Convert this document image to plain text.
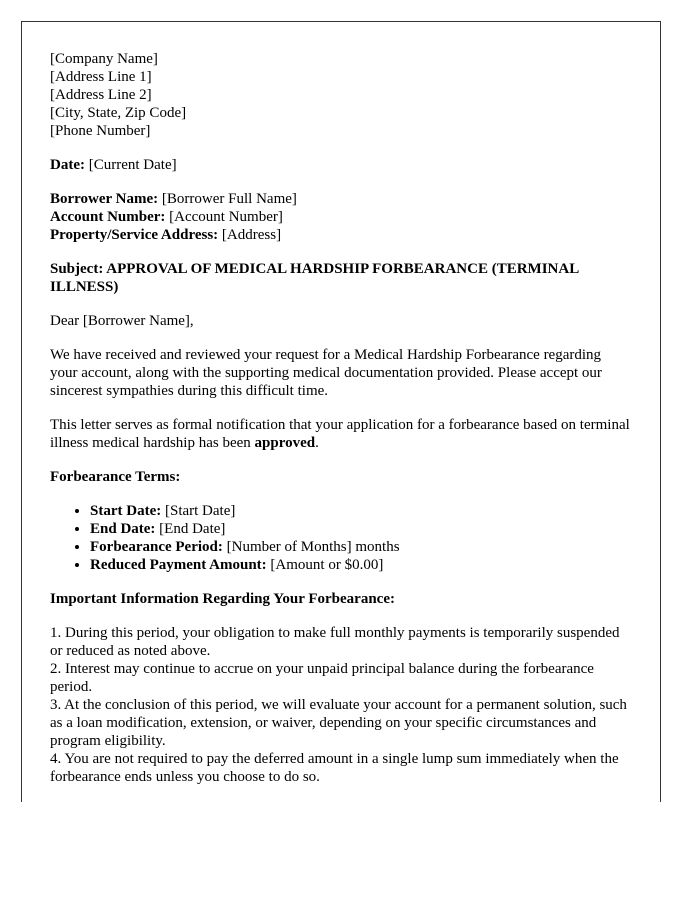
[Company Name]
[Address Line 1]
[Address Line 2]
[City, State, Zip Code]
[Phone Number]
Date: [Current Date]
Borrower Name: [Borrower Full Name]
Account Number: [Account Number]
Property/Service Address: [Address]
Subject: APPROVAL OF MEDICAL HARDSHIP FORBEARANCE (TERMINAL ILLNESS)
Dear [Borrower Name],
We have received and reviewed your request for a Medical Hardship Forbearance regarding your account, along with the supporting medical documentation provided. Please accept our sincerest sympathies during this difficult time.
This letter serves as formal notification that your application for a forbearance based on terminal illness medical hardship has been approved.
Forbearance Terms:
• Start Date: [Start Date]
• End Date: [End Date]
• Forbearance Period: [Number of Months] months
• Reduced Payment Amount: [Amount or $0.00]
Important Information Regarding Your Forbearance:
1. During this period, your obligation to make full monthly payments is temporarily suspended or reduced as noted above.
2. Interest may continue to accrue on your unpaid principal balance during the forbearance period.
3. At the conclusion of this period, we will evaluate your account for a permanent solution, such as a loan modification, extension, or waiver, depending on your specific circumstances and program eligibility.
4. You are not required to pay the deferred amount in a single lump sum immediately when the forbearance ends unless you choose to do so.
